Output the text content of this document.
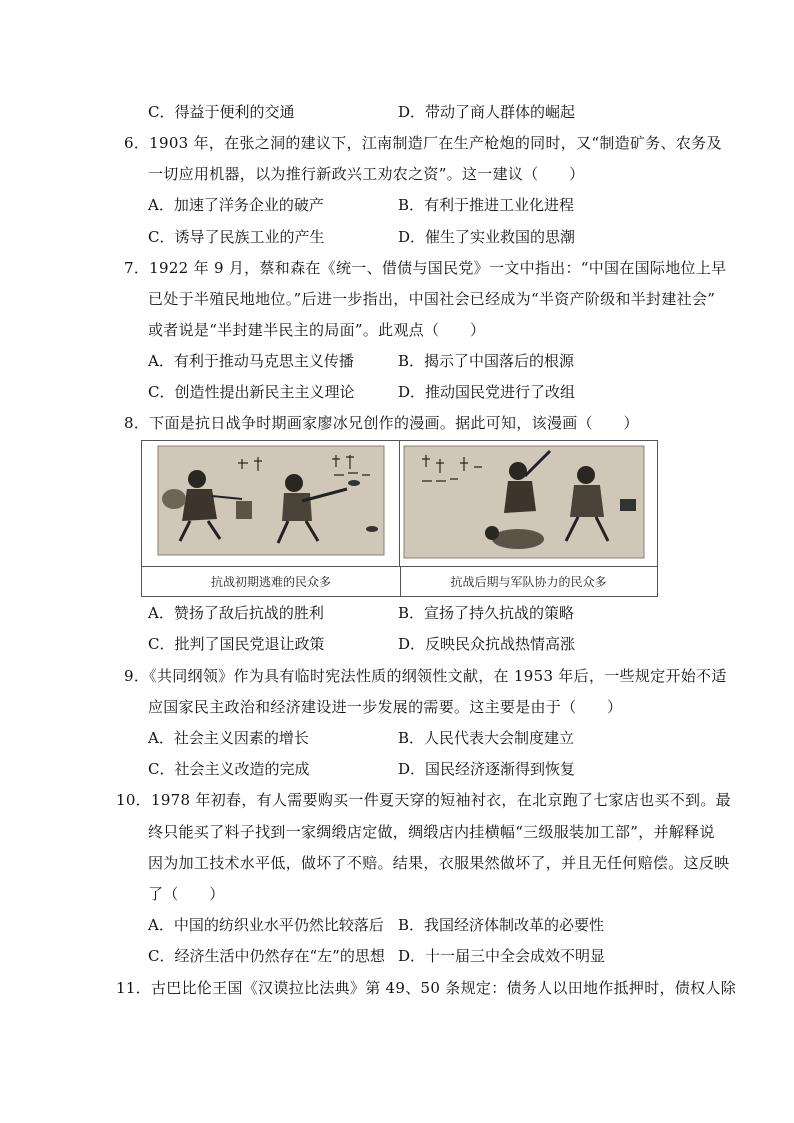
C．得益于便利的交通	D．带动了商人群体的崛起
6．1903 年，在张之洞的建议下，江南制造厂在生产枪炮的同时，又“制造矿务、农务及
一切应用机器，以为推行新政兴工劝农之资”。这一建议（　　）
A．加速了洋务企业的破产	B．有利于推进工业化进程
C．诱导了民族工业的产生	D．催生了实业救国的思潮
7．1922 年 9 月，蔡和森在《统一、借债与国民党》一文中指出：“中国在国际地位上早
已处于半殖民地地位。”后进一步指出，中国社会已经成为“半资产阶级和半封建社会”
或者说是“半封建半民主的局面”。此观点（　　）
A．有利于推动马克思主义传播	B．揭示了中国落后的根源
C．创造性提出新民主主义理论	D．推动国民党进行了改组
8．下面是抗日战争时期画家廖冰兄创作的漫画。据此可知，该漫画（　　）
抗战初期逃难的民众多	抗战后期与军队协力的民众多
A．赞扬了敌后抗战的胜利	B．宣扬了持久抗战的策略
C．批判了国民党退让政策	D．反映民众抗战热情高涨
9．《共同纲领》作为具有临时宪法性质的纲领性文献，在 1953 年后，一些规定开始不适
应国家民主政治和经济建设进一步发展的需要。这主要是由于（　　）
A．社会主义因素的增长	B．人民代表大会制度建立
C．社会主义改造的完成	D．国民经济逐渐得到恢复
10．1978 年初春，有人需要购买一件夏天穿的短袖衬衣，在北京跑了七家店也买不到。最
终只能买了料子找到一家绸缎店定做，绸缎店内挂横幅“三级服装加工部”，并解释说
因为加工技术水平低，做坏了不赔。结果，衣服果然做坏了，并且无任何赔偿。这反映
了（　　）
A．中国的纺织业水平仍然比较落后 B．我国经济体制改革的必要性
C．经济生活中仍然存在“左”的思想 D．十一届三中全会成效不明显
11．古巴比伦王国《汉谟拉比法典》第 49、50 条规定：债务人以田地作抵押时，债权人除
